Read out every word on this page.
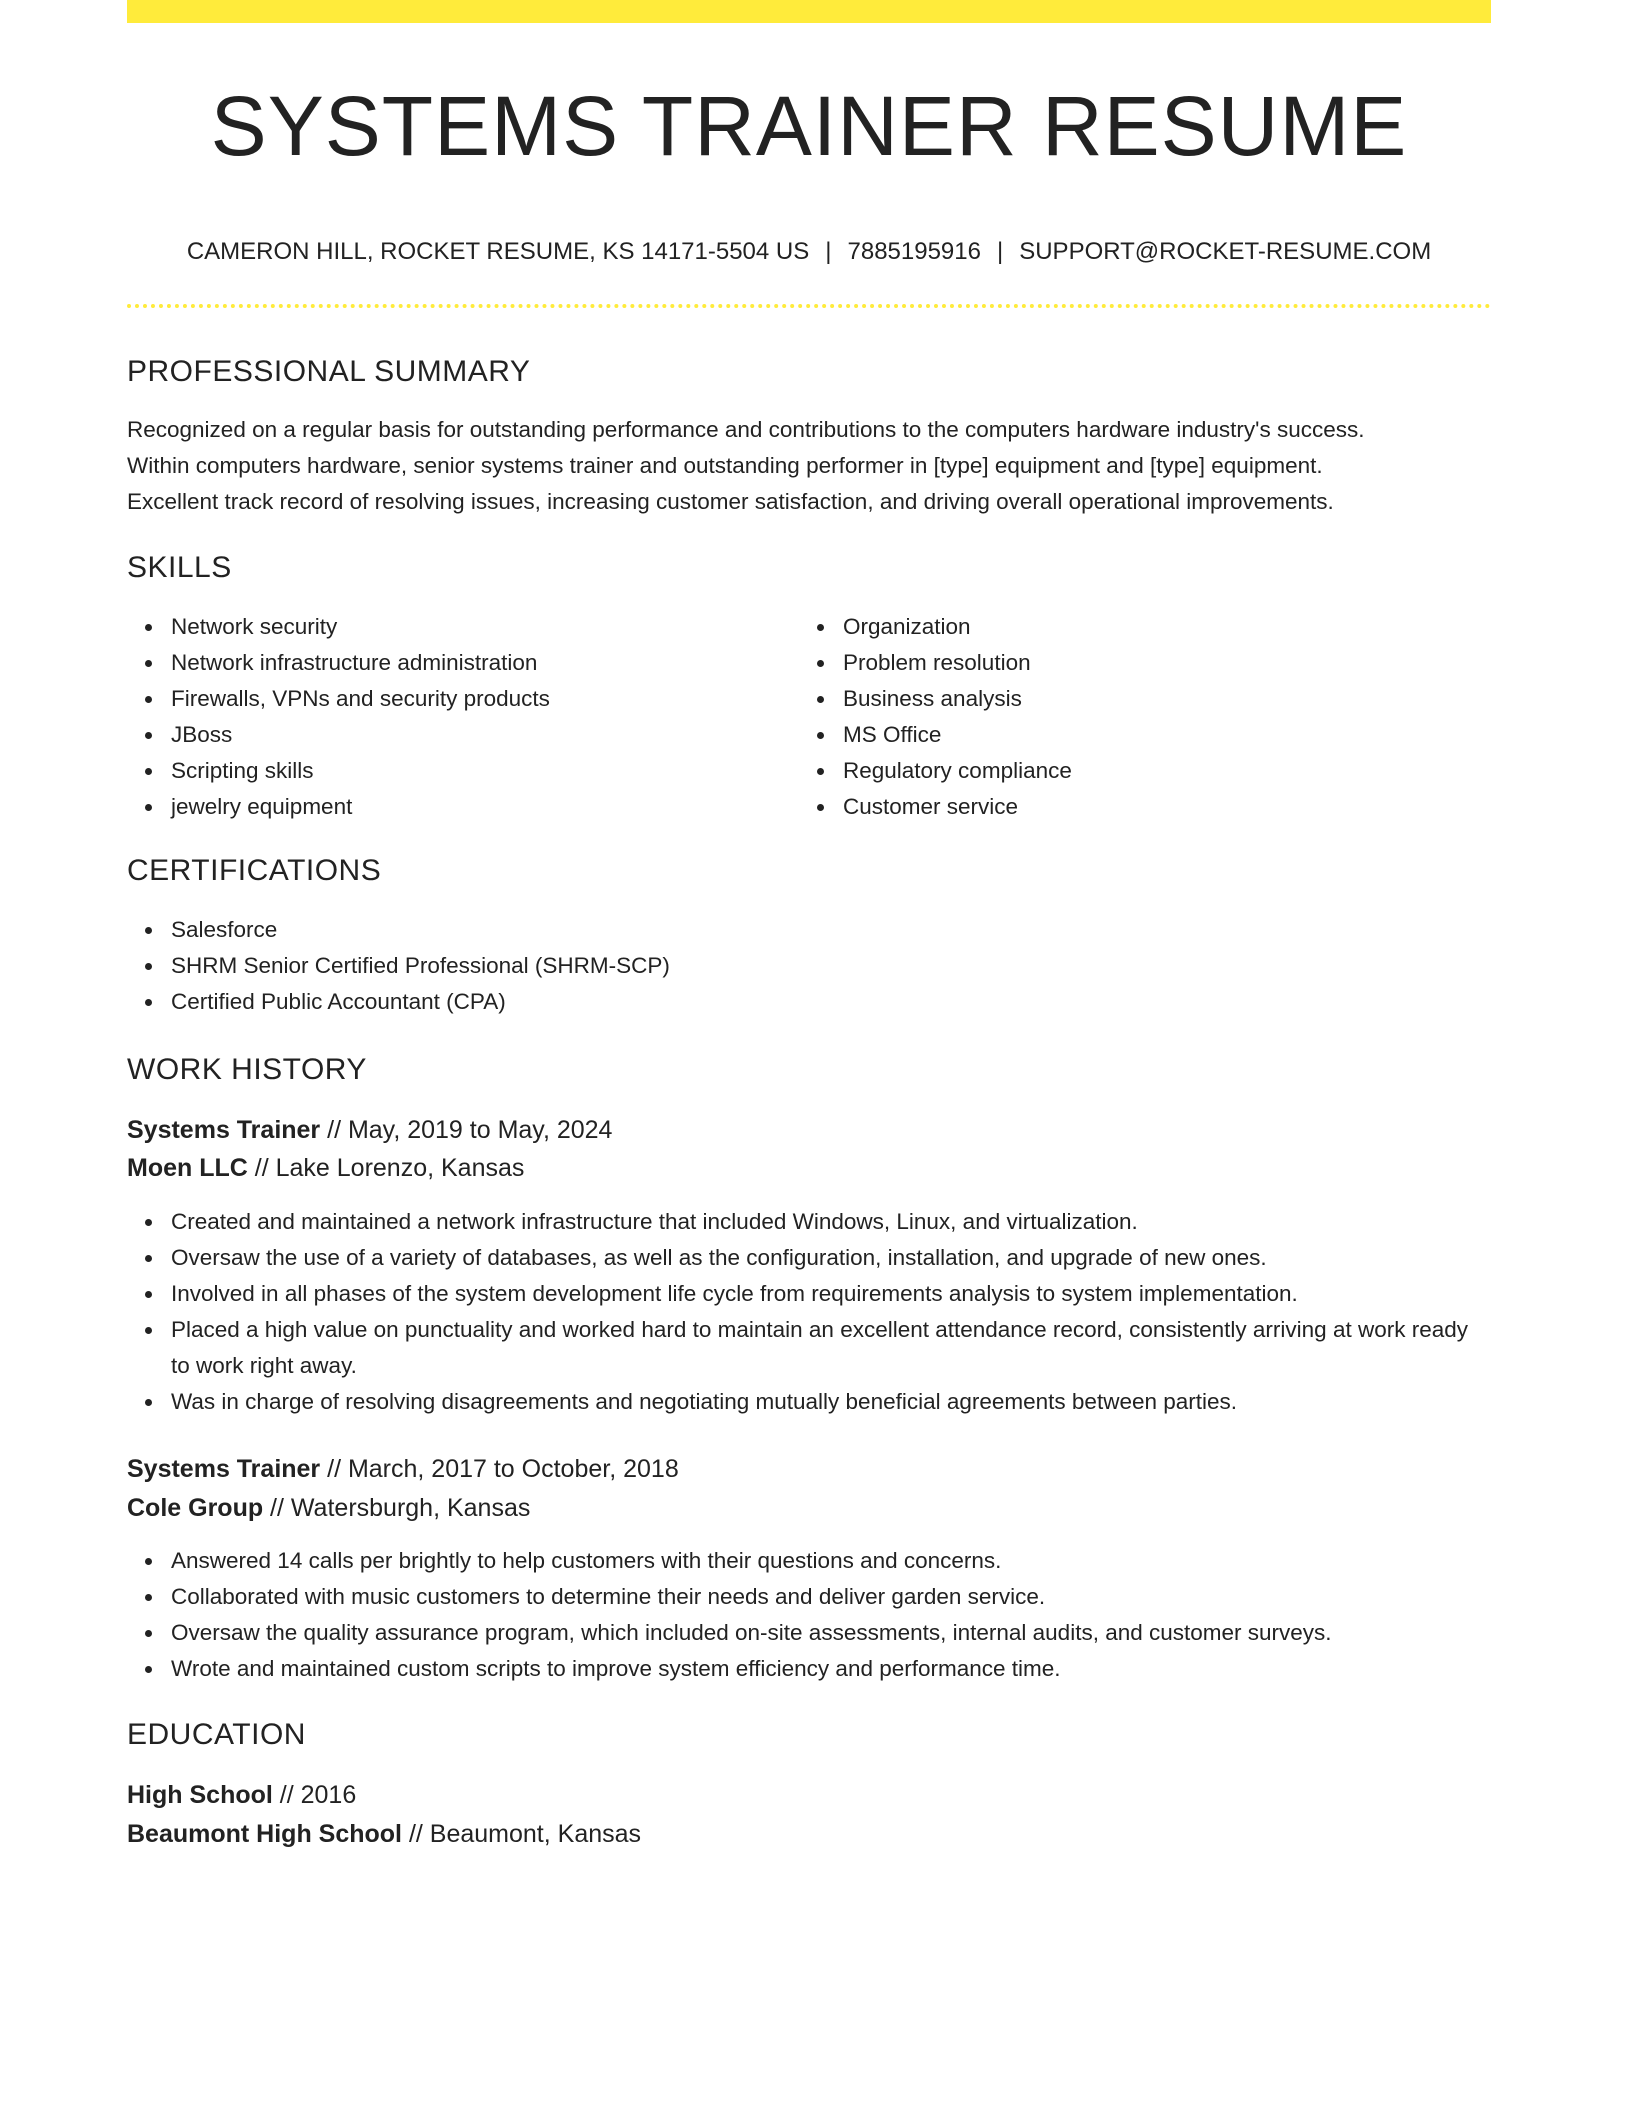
SYSTEMS TRAINER RESUME
CAMERON HILL, ROCKET RESUME, KS 14171-5504 US | 7885195916 | SUPPORT@ROCKET-RESUME.COM
PROFESSIONAL SUMMARY
Recognized on a regular basis for outstanding performance and contributions to the computers hardware industry's success.
Within computers hardware, senior systems trainer and outstanding performer in [type] equipment and [type] equipment.
Excellent track record of resolving issues, increasing customer satisfaction, and driving overall operational improvements.
SKILLS
Network security
Network infrastructure administration
Firewalls, VPNs and security products
JBoss
Scripting skills
jewelry equipment
Organization
Problem resolution
Business analysis
MS Office
Regulatory compliance
Customer service
CERTIFICATIONS
Salesforce
SHRM Senior Certified Professional (SHRM-SCP)
Certified Public Accountant (CPA)
WORK HISTORY
Systems Trainer // May, 2019 to May, 2024
Moen LLC // Lake Lorenzo, Kansas
Created and maintained a network infrastructure that included Windows, Linux, and virtualization.
Oversaw the use of a variety of databases, as well as the configuration, installation, and upgrade of new ones.
Involved in all phases of the system development life cycle from requirements analysis to system implementation.
Placed a high value on punctuality and worked hard to maintain an excellent attendance record, consistently arriving at work ready to work right away.
Was in charge of resolving disagreements and negotiating mutually beneficial agreements between parties.
Systems Trainer // March, 2017 to October, 2018
Cole Group // Watersburgh, Kansas
Answered 14 calls per brightly to help customers with their questions and concerns.
Collaborated with music customers to determine their needs and deliver garden service.
Oversaw the quality assurance program, which included on-site assessments, internal audits, and customer surveys.
Wrote and maintained custom scripts to improve system efficiency and performance time.
EDUCATION
High School // 2016
Beaumont High School // Beaumont, Kansas
